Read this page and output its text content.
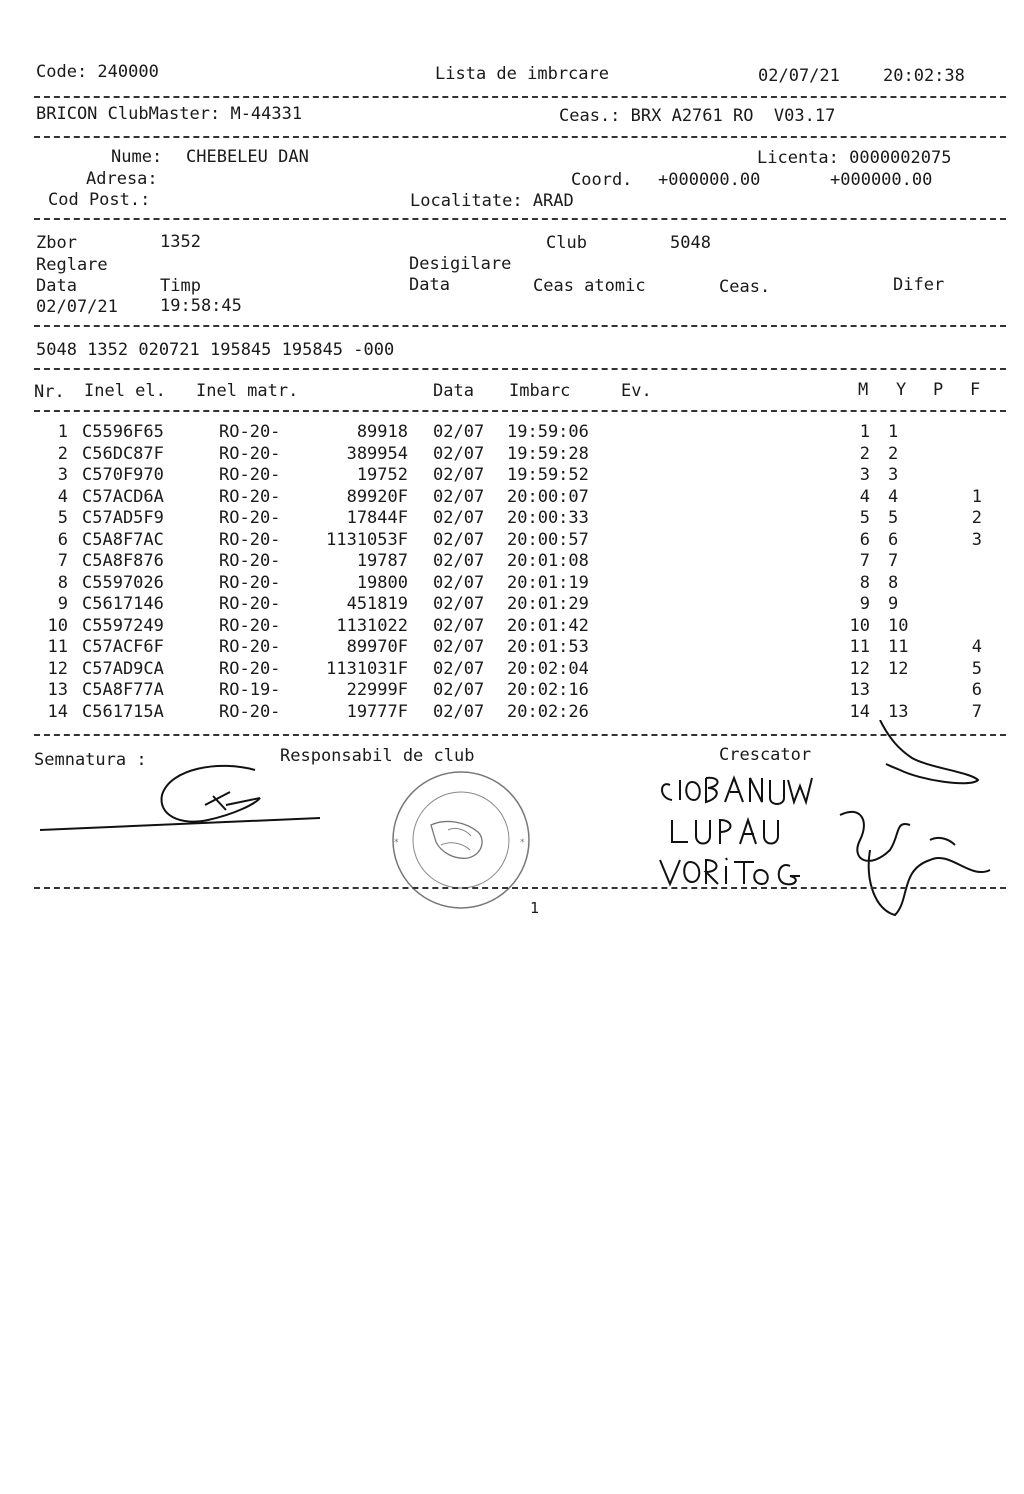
Code: 240000	Lista de imbrcare	02/07/21	20:02:38
BRICON ClubMaster: M-44331	Ceas.: BRX A2761 RO  V03.17
Nume: CHEBELEU DAN	Licenta: 0000002075
Adresa:	Coord. +000000.00	+000000.00
Cod Post.:	Localitate: ARAD
Zbor	1352	Club	5048
Reglare	Desigilare
Data	Timp	Data	Ceas atomic	Ceas.	Difer
02/07/21 19:58:45
5048 1352 020721 195845 195845 -000
Nr. Inel el. Inel matr.	Data Imbarc	Ev.	M Y P F
1 C5596F65	RO-20-	89918 02/07 19:59:06	1 1
2 C56DC87F	RO-20-	389954 02/07 19:59:28	2 2
3 C570F970	RO-20-	19752 02/07 19:59:52	3 3
4 C57ACD6A	RO-20-	89920F 02/07 20:00:07	4 4	1
5 C57AD5F9	RO-20-	17844F 02/07 20:00:33	5 5	2
6 C5A8F7AC	RO-20-	1131053F 02/07 20:00:57	6 6	3
7 C5A8F876	RO-20-	19787 02/07 20:01:08	7 7
8 C5597026	RO-20-	19800 02/07 20:01:19	8 8
9 C5617146	RO-20-	451819 02/07 20:01:29	9 9
10 C5597249	RO-20-	1131022 02/07 20:01:42	10 10
11 C57ACF6F	RO-20-	89970F 02/07 20:01:53	11 11	4
12 C57AD9CA	RO-20-	1131031F 02/07 20:02:04	12 12	5
13 C5A8F77A	RO-19-	22999F 02/07 20:02:16	13	6
14 C561715A	RO-20-	19777F 02/07 20:02:26	14 13	7
Semnatura :	Responsabil de club	Crescator
*	*
1
